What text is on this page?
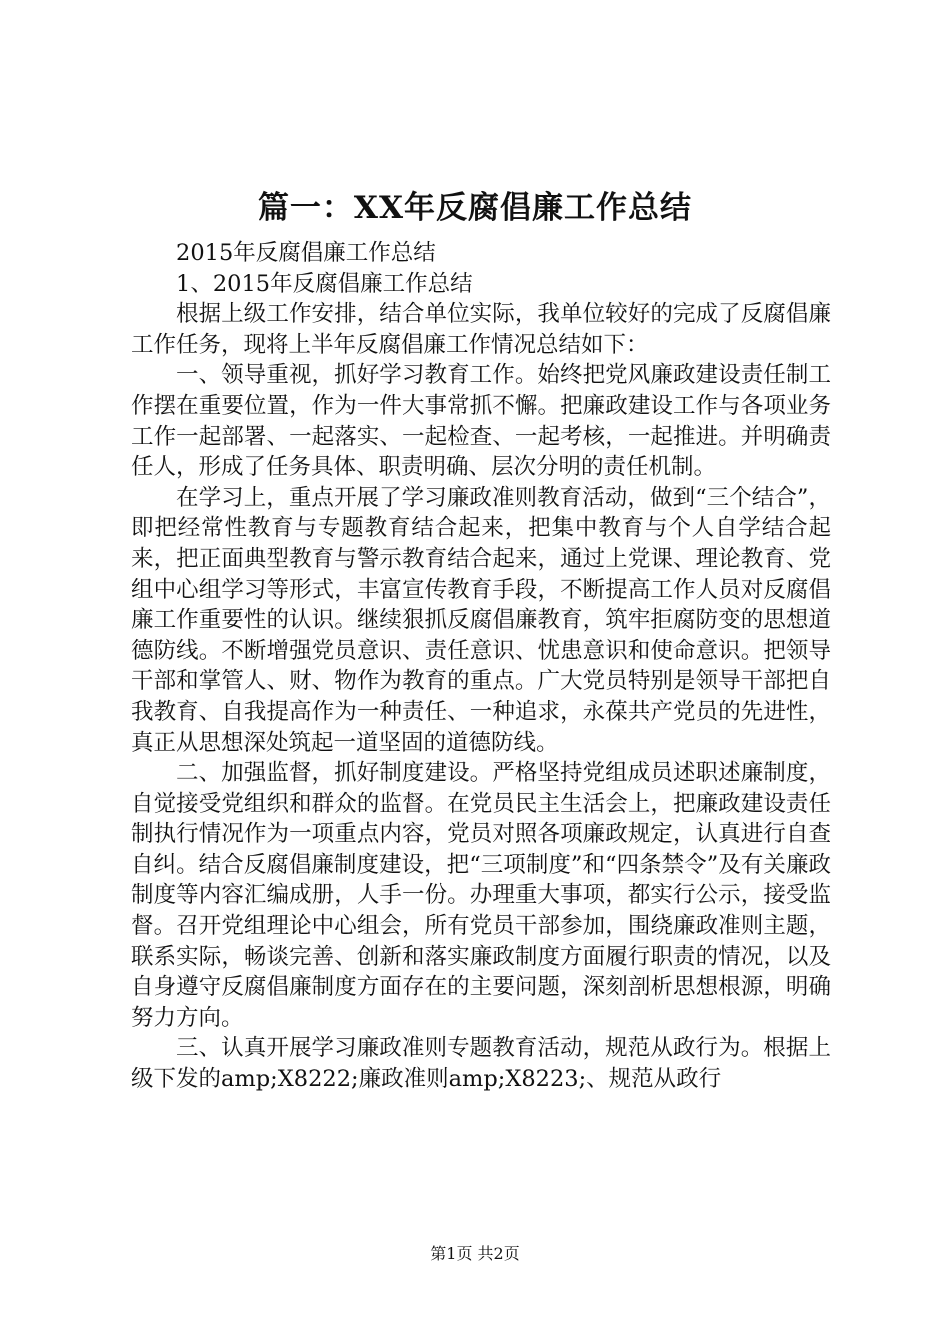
篇一：XX年反腐倡廉工作总结

2015年反腐倡廉工作总结

1、2015年反腐倡廉工作总结

根据上级工作安排，结合单位实际，我单位较好的完成了反腐倡廉工作任务，现将上半年反腐倡廉工作情况总结如下：

一、领导重视，抓好学习教育工作。始终把党风廉政建设责任制工作摆在重要位置，作为一件大事常抓不懈。把廉政建设工作与各项业务工作一起部署、一起落实、一起检查、一起考核，一起推进。并明确责任人，形成了任务具体、职责明确、层次分明的责任机制。

在学习上，重点开展了学习廉政准则教育活动，做到“三个结合”，即把经常性教育与专题教育结合起来，把集中教育与个人自学结合起来，把正面典型教育与警示教育结合起来，通过上党课、理论教育、党组中心组学习等形式，丰富宣传教育手段，不断提高工作人员对反腐倡廉工作重要性的认识。继续狠抓反腐倡廉教育，筑牢拒腐防变的思想道德防线。不断增强党员意识、责任意识、忧患意识和使命意识。把领导干部和掌管人、财、物作为教育的重点。广大党员特别是领导干部把自我教育、自我提高作为一种责任、一种追求，永葆共产党员的先进性，真正从思想深处筑起一道坚固的道德防线。

二、加强监督，抓好制度建设。严格坚持党组成员述职述廉制度，自觉接受党组织和群众的监督。在党员民主生活会上，把廉政建设责任制执行情况作为一项重点内容，党员对照各项廉政规定，认真进行自查自纠。结合反腐倡廉制度建设，把“三项制度”和“四条禁令”及有关廉政制度等内容汇编成册，人手一份。办理重大事项，都实行公示，接受监督。召开党组理论中心组会，所有党员干部参加，围绕廉政准则主题，联系实际，畅谈完善、创新和落实廉政制度方面履行职责的情况，以及自身遵守反腐倡廉制度方面存在的主要问题，深刻剖析思想根源，明确努力方向。

三、认真开展学习廉政准则专题教育活动，规范从政行为。根据上级下发的amp;X8222;廉政准则amp;X8223;、规范从政行

第1页 共2页
